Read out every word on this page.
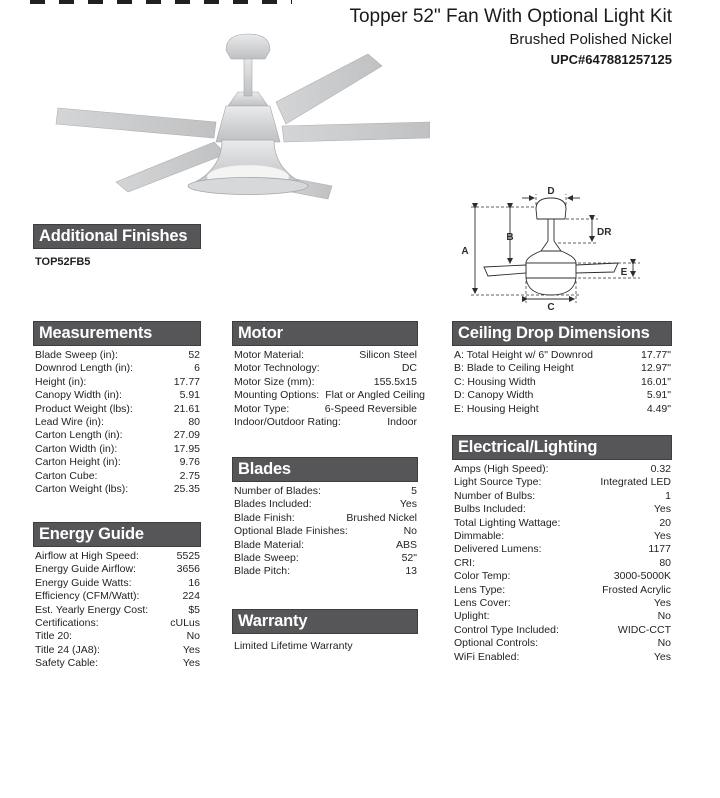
Topper 52" Fan With Optional Light Kit
Brushed Polished Nickel
UPC#647881257125
A
B
C
D
DR
E
Additional Finishes
TOP52FB5
Measurements
Blade Sweep (in):	52
Downrod Length (in):	6
Height (in):	17.77
Canopy Width (in):	5.91
Product Weight (lbs):	21.61
Lead Wire (in):	80
Carton Length (in):	27.09
Carton Width (in):	17.95
Carton Height (in):	9.76
Carton Cube:	2.75
Carton Weight (lbs):	25.35
Energy Guide
Airflow at High Speed:	5525
Energy Guide Airflow:	3656
Energy Guide Watts:	16
Efficiency (CFM/Watt):	224
Est. Yearly Energy Cost:	$5
Certifications:	cULus
Title 20:	No
Title 24 (JA8):	Yes
Safety Cable:	Yes
Motor
Motor Material:	Silicon Steel
Motor Technology:	DC
Motor Size (mm):	155.5x15
Mounting Options: Flat or Angled Ceiling
Motor Type:	6-Speed Reversible
Indoor/Outdoor Rating:	Indoor
Blades
Number of Blades:	5
Blades Included:	Yes
Blade Finish:	Brushed Nickel
Optional Blade Finishes:	No
Blade Material:	ABS
Blade Sweep:	52"
Blade Pitch:	13
Warranty
Limited Lifetime Warranty
Ceiling Drop Dimensions
A: Total Height w/ 6" Downrod	17.77"
B: Blade to Ceiling Height	12.97"
C: Housing Width	16.01"
D: Canopy Width	5.91"
E: Housing Height	4.49"
Electrical/Lighting
Amps (High Speed):	0.32
Light Source Type:	Integrated LED
Number of Bulbs:	1
Bulbs Included:	Yes
Total Lighting Wattage:	20
Dimmable:	Yes
Delivered Lumens:	1177
CRI:	80
Color Temp:	3000-5000K
Lens Type:	Frosted Acrylic
Lens Cover:	Yes
Uplight:	No
Control Type Included:	WIDC-CCT
Optional Controls:	No
WiFi Enabled:	Yes
